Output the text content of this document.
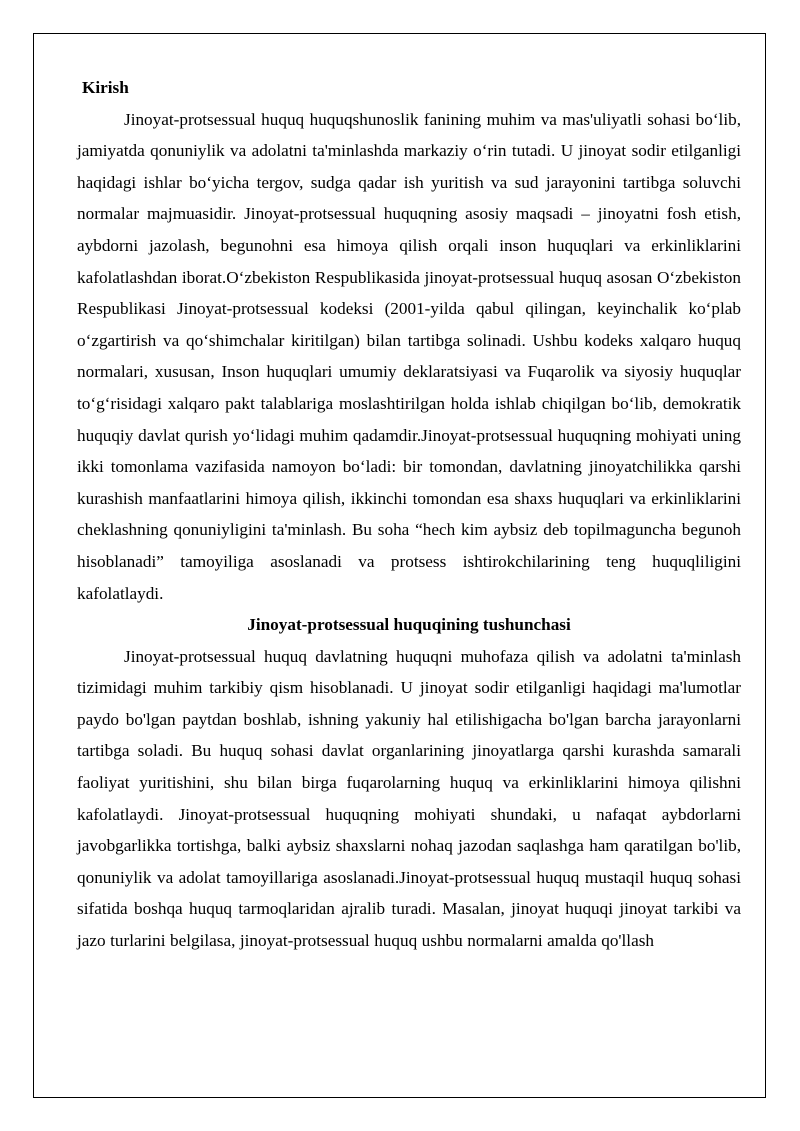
Kirish

Jinoyat-protsessual huquq huquqshunoslik fanining muhim va mas'uliyatli sohasi bo‘lib, jamiyatda qonuniylik va adolatni ta'minlashda markaziy o‘rin tutadi. U jinoyat sodir etilganligi haqidagi ishlar bo‘yicha tergov, sudga qadar ish yuritish va sud jarayonini tartibga soluvchi normalar majmuasidir. Jinoyat-protsessual huquqning asosiy maqsadi – jinoyatni fosh etish, aybdorni jazolash, begunohni esa himoya qilish orqali inson huquqlari va erkinliklarini kafolatlashdan iborat.O‘zbekiston Respublikasida jinoyat-protsessual huquq asosan O‘zbekiston Respublikasi Jinoyat-protsessual kodeksi (2001-yilda qabul qilingan, keyinchalik ko‘plab o‘zgartirish va qo‘shimchalar kiritilgan) bilan tartibga solinadi. Ushbu kodeks xalqaro huquq normalari, xususan, Inson huquqlari umumiy deklaratsiyasi va Fuqarolik va siyosiy huquqlar to‘g‘risidagi xalqaro pakt talablariga moslashtirilgan holda ishlab chiqilgan bo‘lib, demokratik huquqiy davlat qurish yo‘lidagi muhim qadamdir.Jinoyat-protsessual huquqning mohiyati uning ikki tomonlama vazifasida namoyon bo‘ladi: bir tomondan, davlatning jinoyatchilikka qarshi kurashish manfaatlarini himoya qilish, ikkinchi tomondan esa shaxs huquqlari va erkinliklarini cheklashning qonuniyligini ta'minlash. Bu soha “hech kim aybsiz deb topilmaguncha begunoh hisoblanadi” tamoyiliga asoslanadi va protsess ishtirokchilarining teng huquqliligini kafolatlaydi.

Jinoyat-protsessual huquqining tushunchasi

Jinoyat-protsessual huquq davlatning huquqni muhofaza qilish va adolatni ta'minlash tizimidagi muhim tarkibiy qism hisoblanadi. U jinoyat sodir etilganligi haqidagi ma'lumotlar paydo bo'lgan paytdan boshlab, ishning yakuniy hal etilishigacha bo'lgan barcha jarayonlarni tartibga soladi. Bu huquq sohasi davlat organlarining jinoyatlarga qarshi kurashda samarali faoliyat yuritishini, shu bilan birga fuqarolarning huquq va erkinliklarini himoya qilishni kafolatlaydi. Jinoyat-protsessual huquqning mohiyati shundaki, u nafaqat aybdorlarni javobgarlikka tortishga, balki aybsiz shaxslarni nohaq jazodan saqlashga ham qaratilgan bo'lib, qonuniylik va adolat tamoyillariga asoslanadi.Jinoyat-protsessual huquq mustaqil huquq sohasi sifatida boshqa huquq tarmoqlaridan ajralib turadi. Masalan, jinoyat huquqi jinoyat tarkibi va jazo turlarini belgilasa, jinoyat-protsessual huquq ushbu normalarni amalda qo'llash
